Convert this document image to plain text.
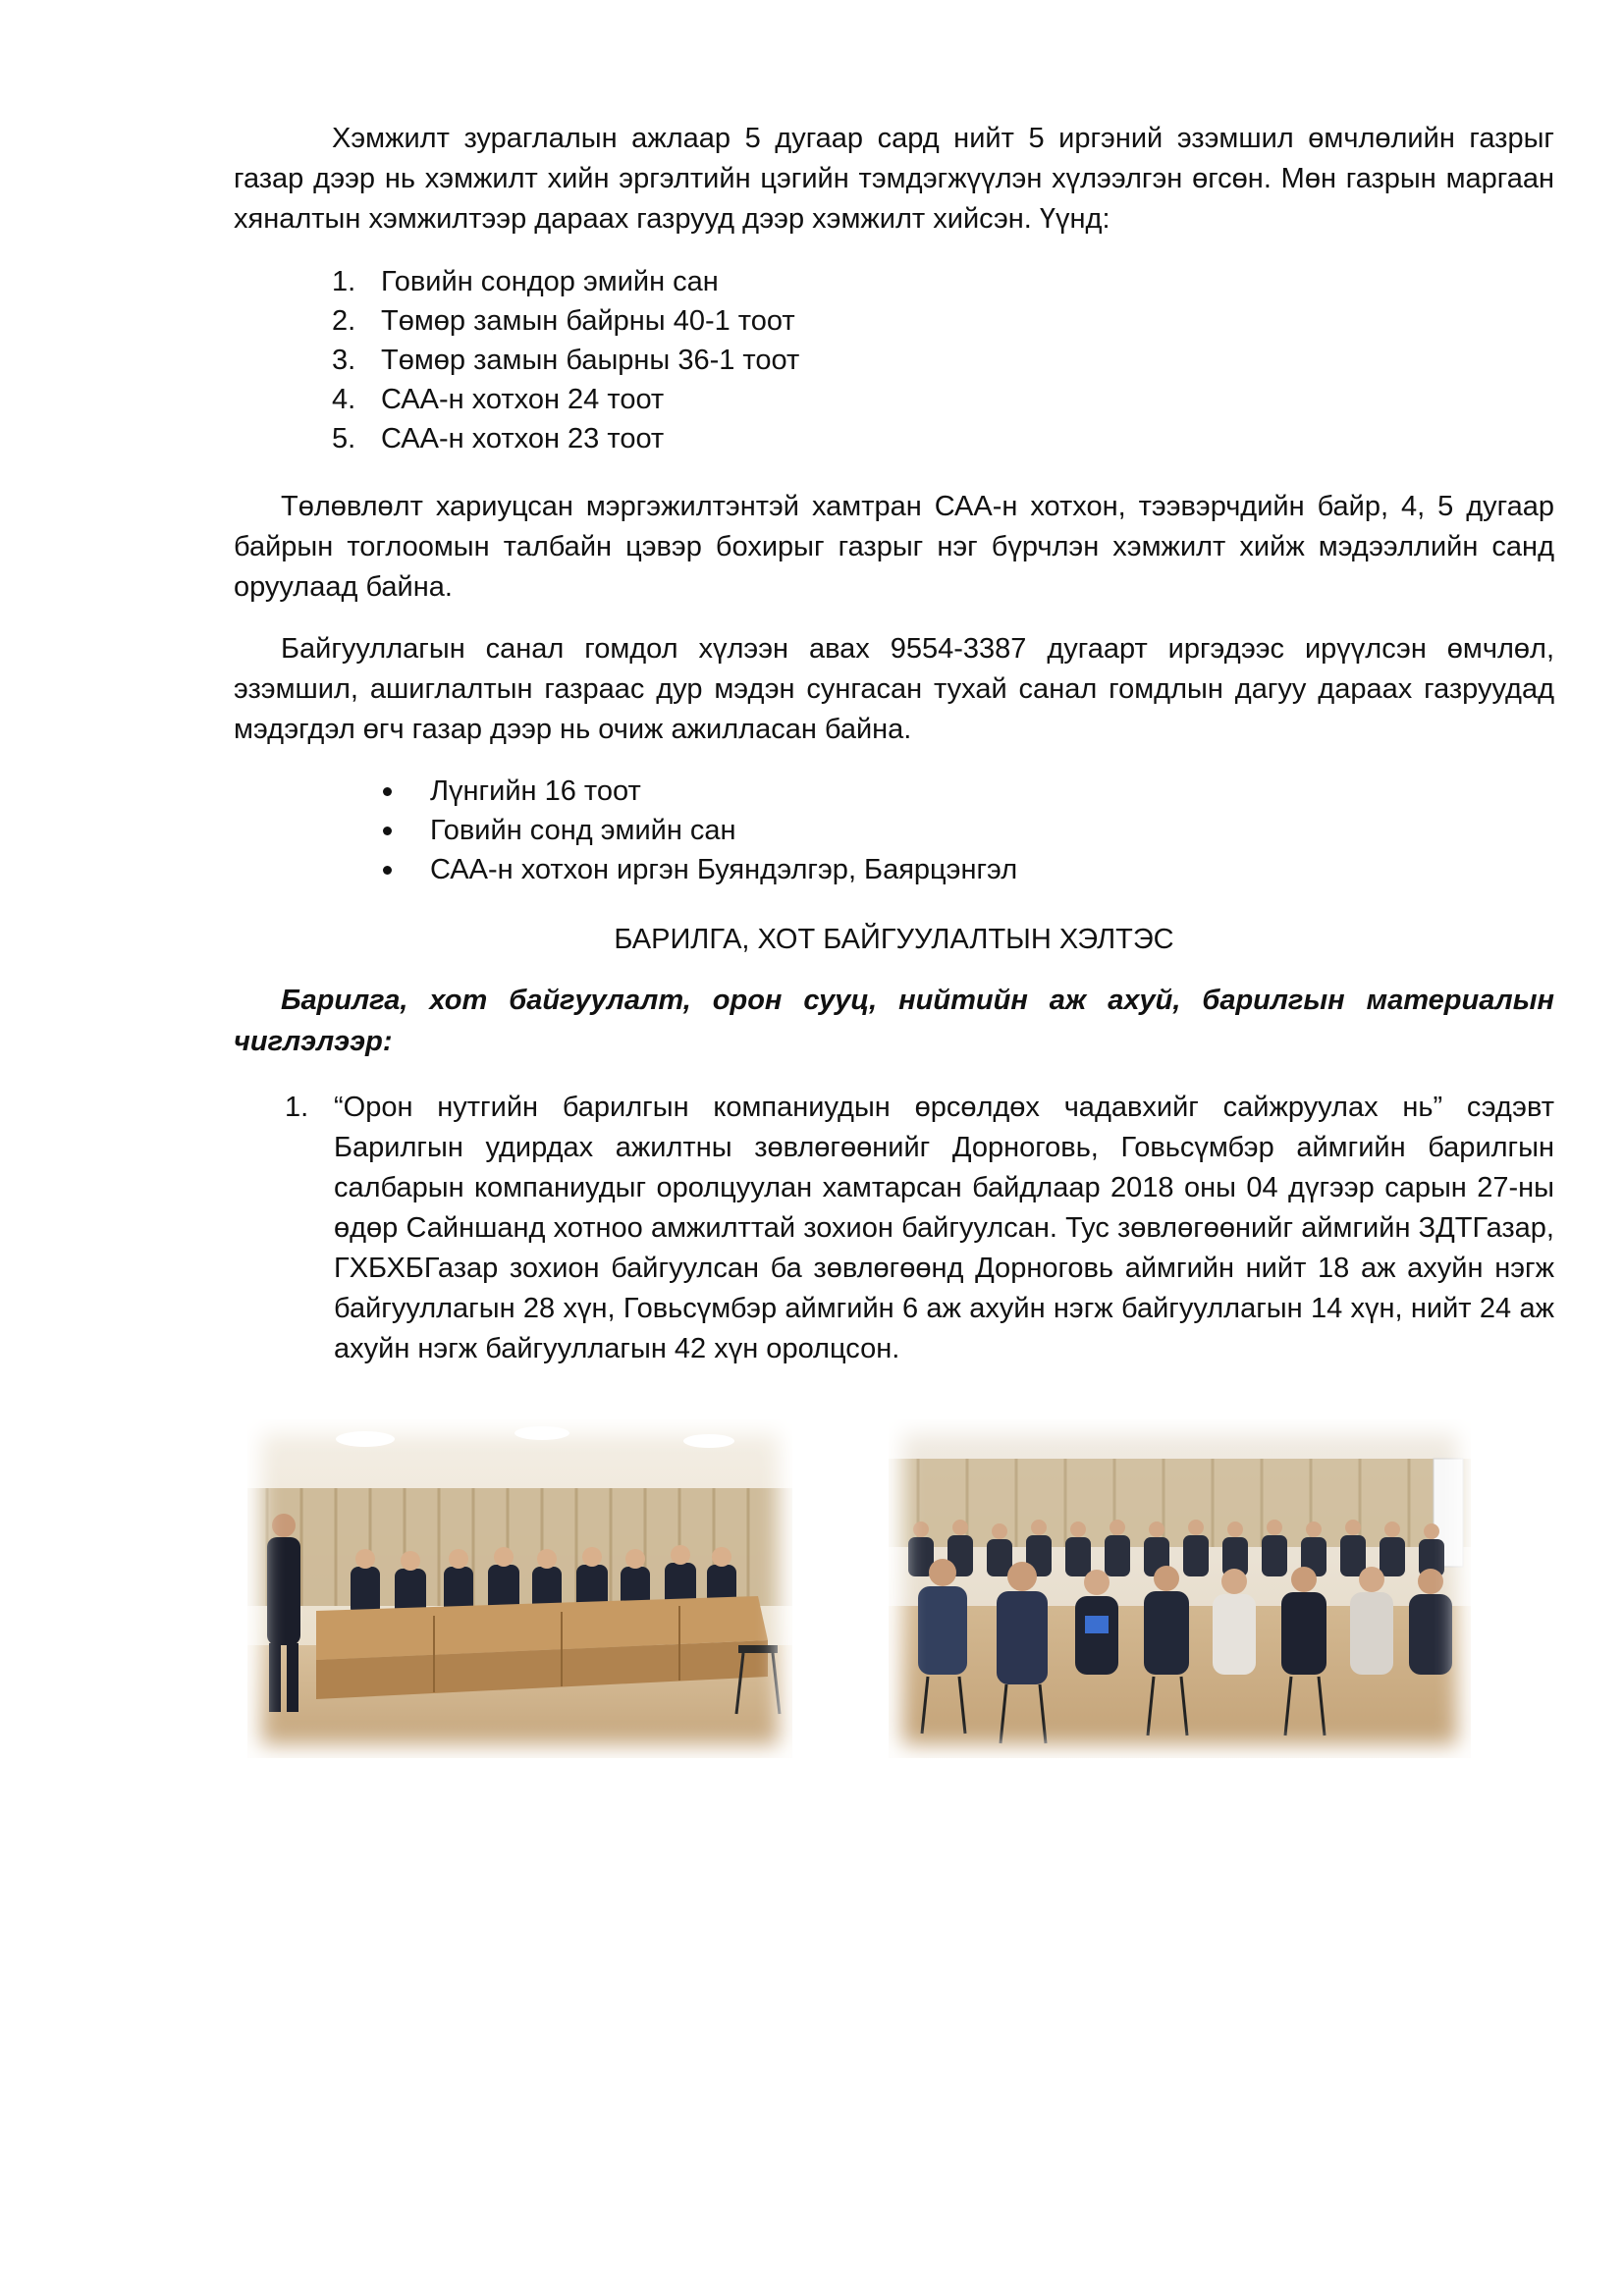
Хэмжилт зураглалын ажлаар 5 дугаар сард нийт 5 иргэний эзэмшил өмчлөлийн газрыг газар дээр нь хэмжилт хийн эргэлтийн цэгийн тэмдэгжүүлэн хүлээлгэн өгсөн. Мөн газрын маргаан хяналтын хэмжилтээр дараах газрууд дээр хэмжилт хийсэн. Үүнд:

1. Говийн сондор эмийн сан
2. Төмөр замын байрны 40-1 тоот
3. Төмөр замын баырны 36-1 тоот
4. САА-н хотхон 24 тоот
5. САА-н хотхон 23 тоот

Төлөвлөлт хариуцсан мэргэжилтэнтэй хамтран САА-н хотхон, тээвэрчдийн байр, 4, 5 дугаар байрын тоглоомын талбайн цэвэр бохирыг газрыг нэг бүрчлэн хэмжилт хийж мэдээллийн санд оруулаад байна.

Байгууллагын санал гомдол хүлээн авах 9554-3387 дугаарт иргэдээс ирүүлсэн өмчлөл, эзэмшил, ашиглалтын газраас дур мэдэн сунгасан тухай санал гомдлын дагуу дараах газруудад мэдэгдэл өгч газар дээр нь очиж ажилласан байна.

Лүнгийн 16 тоот
Говийн сонд эмийн сан
САА-н хотхон иргэн Буяндэлгэр, Баярцэнгэл
БАРИЛГА, ХОТ БАЙГУУЛАЛТЫН ХЭЛТЭС

Барилга, хот байгуулалт, орон сууц, нийтийн аж ахуй, барилгын материалын чиглэлээр:

1. “Орон нутгийн барилгын компаниудын өрсөлдөх чадавхийг сайжруулах нь” сэдэвт Барилгын удирдах ажилтны зөвлөгөөнийг Дорноговь, Говьсүмбэр аймгийн барилгын салбарын компаниудыг оролцуулан хамтарсан байдлаар 2018 оны 04 дүгээр сарын 27-ны өдөр Сайншанд хотноо амжилттай зохион байгуулсан. Тус зөвлөгөөнийг аймгийн ЗДТГазар, ГХБХБГазар зохион байгуулсан ба зөвлөгөөнд Дорноговь аймгийн нийт 18 аж ахуйн нэгж байгууллагын 28 хүн, Говьсүмбэр аймгийн 6 аж ахуйн нэгж байгууллагын 14 хүн, нийт 24 аж ахуйн нэгж байгууллагын 42 хүн оролцсон.
